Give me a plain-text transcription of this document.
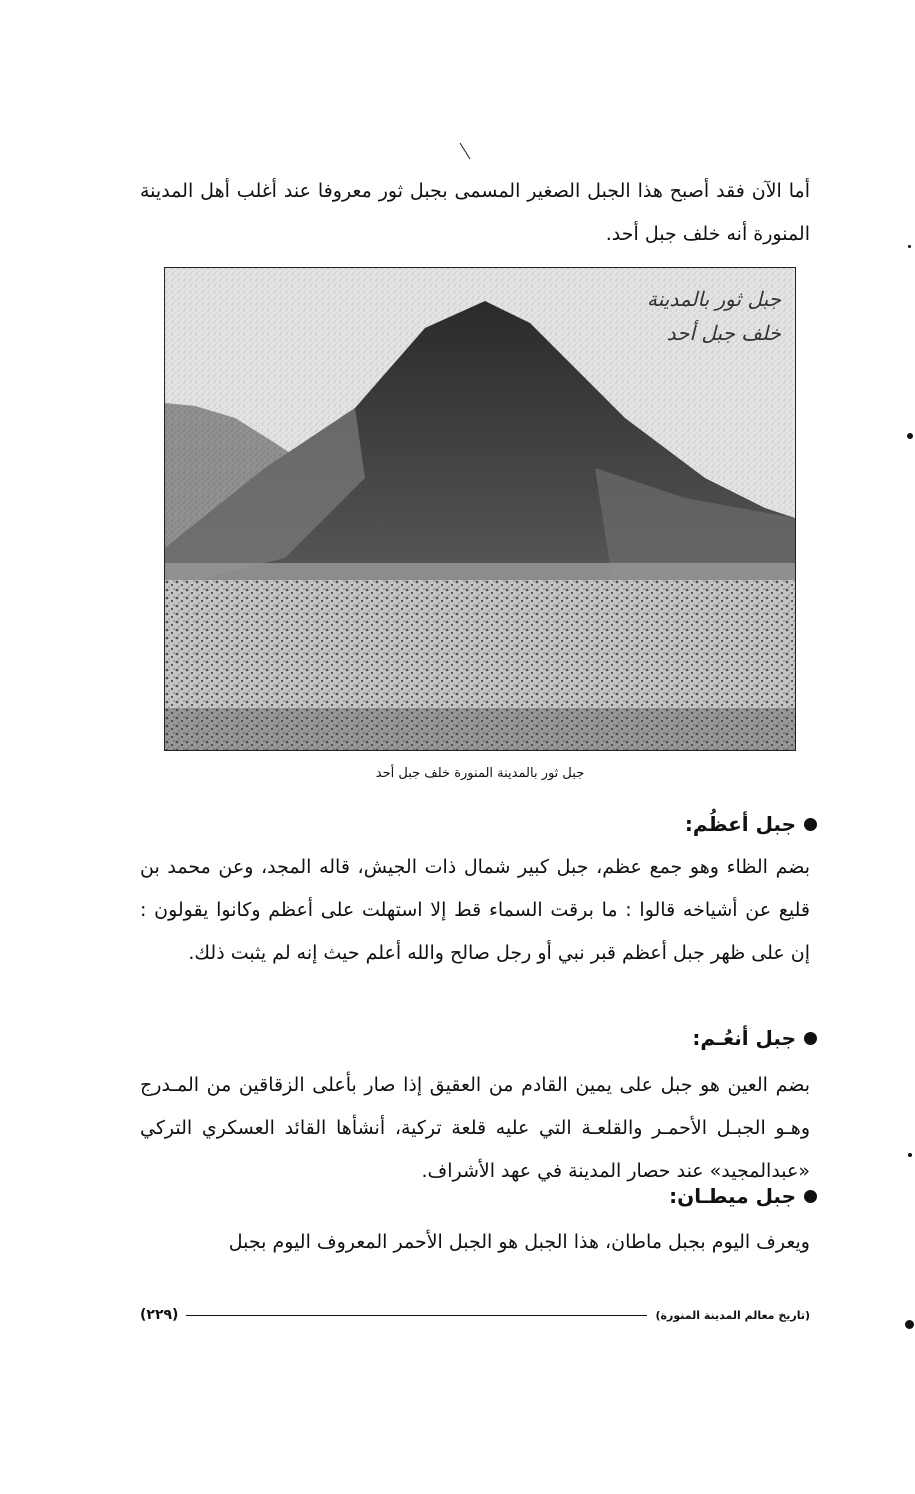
أما الآن فقد أصبح هذا الجبل الصغير المسمى بجبل ثور معروفا عند أغلب أهل المدينة المنورة أنه خلف جبل أحد.

جبل ثور بالمدينة
خلف جبل أحد

جبل ثور بالمدينة المنورة خلف جبل أحد

جبل أعظُم:

بضم الظاء وهو جمع عظم، جبل كبير شمال ذات الجيش، قاله المجد، وعن محمد بن قليع عن أشياخه قالوا : ما برقت السماء قط إلا استهلت على أعظم وكانوا يقولون : إن على ظهر جبل أعظم قبر نبي أو رجل صالح والله أعلم حيث إنه لم يثبت ذلك.

جبل أنعُـم:

بضم العين هو جبل على يمين القادم من العقيق إذا صار بأعلى الزقاقين من المـدرج وهـو الجبـل الأحمـر والقلعـة التي عليه قلعة تركية، أنشأها القائد العسكري التركي «عبدالمجيد» عند حصار المدينة في عهد الأشراف.

جبل ميطـان:

ويعرف اليوم بجبل ماطان، هذا الجبل هو الجبل الأحمر المعروف اليوم بجبل

(تاريخ معالم المدينة المنورة)
(٢٢٩)
